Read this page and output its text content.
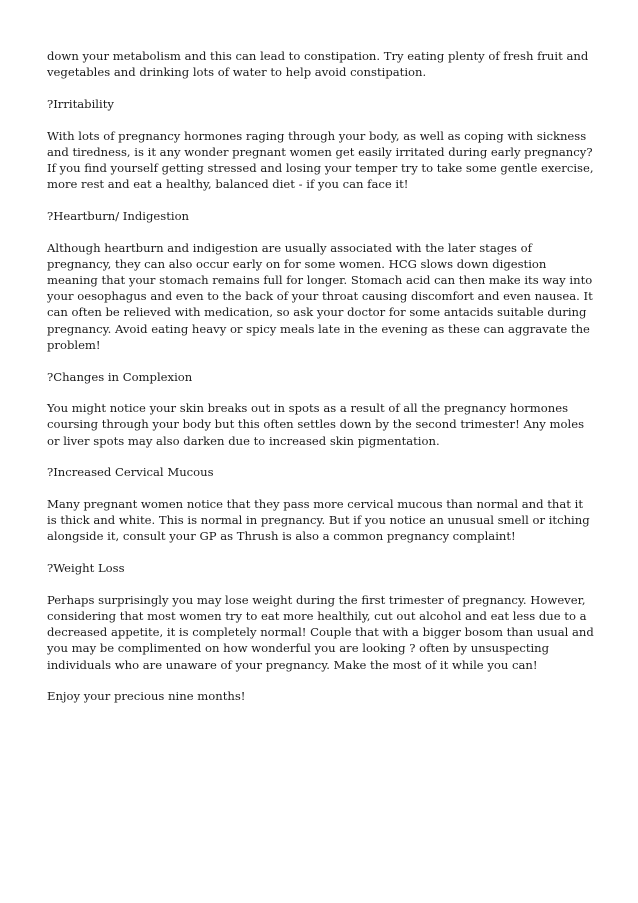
down your metabolism and this can lead to constipation. Try eating plenty of fresh fruit and vegetables and drinking lots of water to help avoid constipation.

?Irritability

With lots of pregnancy hormones raging through your body, as well as coping with sickness and tiredness, is it any wonder pregnant women get easily irritated during early pregnancy? If you find yourself getting stressed and losing your temper try to take some gentle exercise, more rest and eat a healthy, balanced diet - if you can face it!

?Heartburn/ Indigestion

Although heartburn and indigestion are usually associated with the later stages of pregnancy, they can also occur early on for some women. HCG slows down digestion meaning that your stomach remains full for longer. Stomach acid can then make its way into your oesophagus and even to the back of your throat causing discomfort and even nausea. It can often be relieved with medication, so ask your doctor for some antacids suitable during pregnancy. Avoid eating heavy or spicy meals late in the evening as these can aggravate the problem!

?Changes in Complexion

You might notice your skin breaks out in spots as a result of all the pregnancy hormones coursing through your body but this often settles down by the second trimester! Any moles or liver spots may also darken due to increased skin pigmentation.

?Increased Cervical Mucous

Many pregnant women notice that they pass more cervical mucous than normal and that it is thick and white. This is normal in pregnancy. But if you notice an unusual smell or itching alongside it, consult your GP as Thrush is also a common pregnancy complaint!

?Weight Loss

Perhaps surprisingly you may lose weight during the first trimester of pregnancy. However, considering that most women try to eat more healthily, cut out alcohol and eat less due to a decreased appetite, it is completely normal! Couple that with a bigger bosom than usual and you may be complimented on how wonderful you are looking ? often by unsuspecting individuals who are unaware of your pregnancy. Make the most of it while you can!

Enjoy your precious nine months!
